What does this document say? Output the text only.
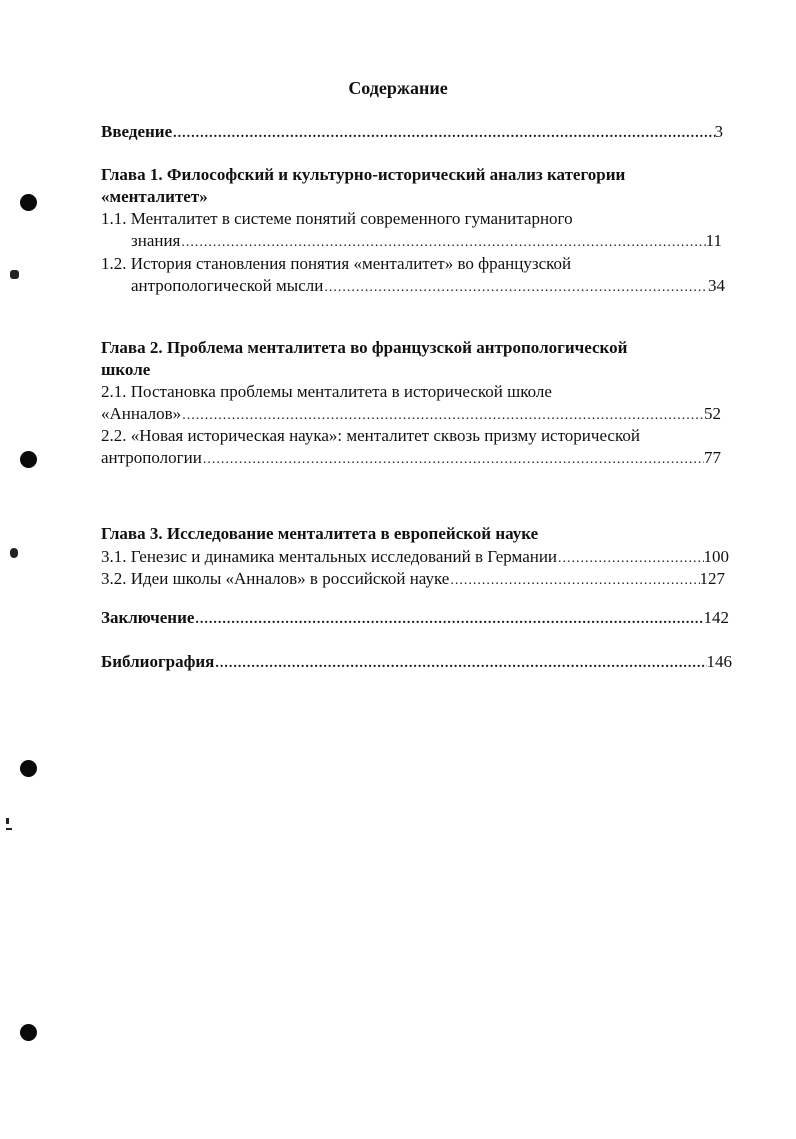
Содержание
Введение .....	3
Глава 1. Философский и культурно-исторический анализ категории
«менталитет»
1.1. Менталитет в системе понятий современного гуманитарного
знания .....	11
1.2. История становления понятия «менталитет» во французской
антропологической мысли .....	34
Глава 2. Проблема менталитета во французской антропологической
школе
2.1. Постановка проблемы менталитета в исторической школе
«Анналов» .....	52
2.2. «Новая историческая наука»: менталитет сквозь призму исторической
антропологии .....	77
Глава 3. Исследование менталитета в европейской науке
3.1. Генезис и динамика ментальных исследований в Германии .....	100
3.2. Идеи школы «Анналов» в российской науке .....	127
Заключение .....	142
Библиография .....	146
